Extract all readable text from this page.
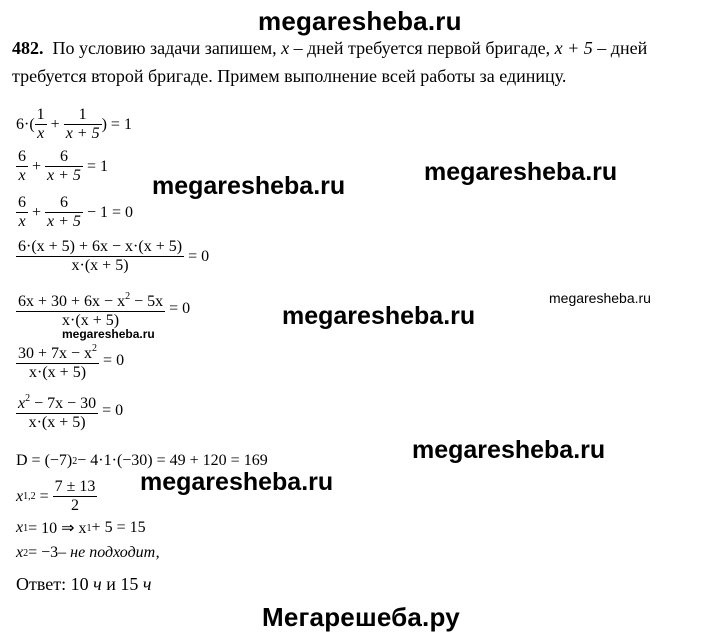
megaresheba.ru
megaresheba.ru
megaresheba.ru
megaresheba.ru
megaresheba.ru
megaresheba.ru
megaresheba.ru
megaresheba.ru
Мегарешеба.ру
482. По условию задачи запишем, x – дней требуется первой бригаде, x + 5 – дней
требуется второй бригаде. Примем выполнение всей работы за единицу.
6 ·( $\frac{1}{x} + \frac{1}{x + 5}$ ) = 1
$\frac{6}{x} + \frac{6}{x + 5}$
= 1
$\frac{6}{x} + \frac{6}{x + 5}$
− 1 = 0
$\frac{6\cdot(x + 5) + 6x - x\cdot(x + 5)}{x\cdot(x + 5)}$
= 0
$\frac{6x + 30 + 6x - x^2 - 5x}{x\cdot(x + 5)}$
= 0
$\frac{30 + 7x - x^2}{x\cdot(x + 5)}$
= 0
$\frac{x^2 - 7x - 30}{x\cdot(x + 5)}$
= 0
D = (−7) 2 − 4·1·(−30) = 49 + 120 = 169
x $1,2 = \frac{7 \pm 13}{2}$
x 1 = 10 ⇒ x 1 + 5 = 15
x 2 = −3 – не подходит,
Ответ:
10
ч
и
15
ч
